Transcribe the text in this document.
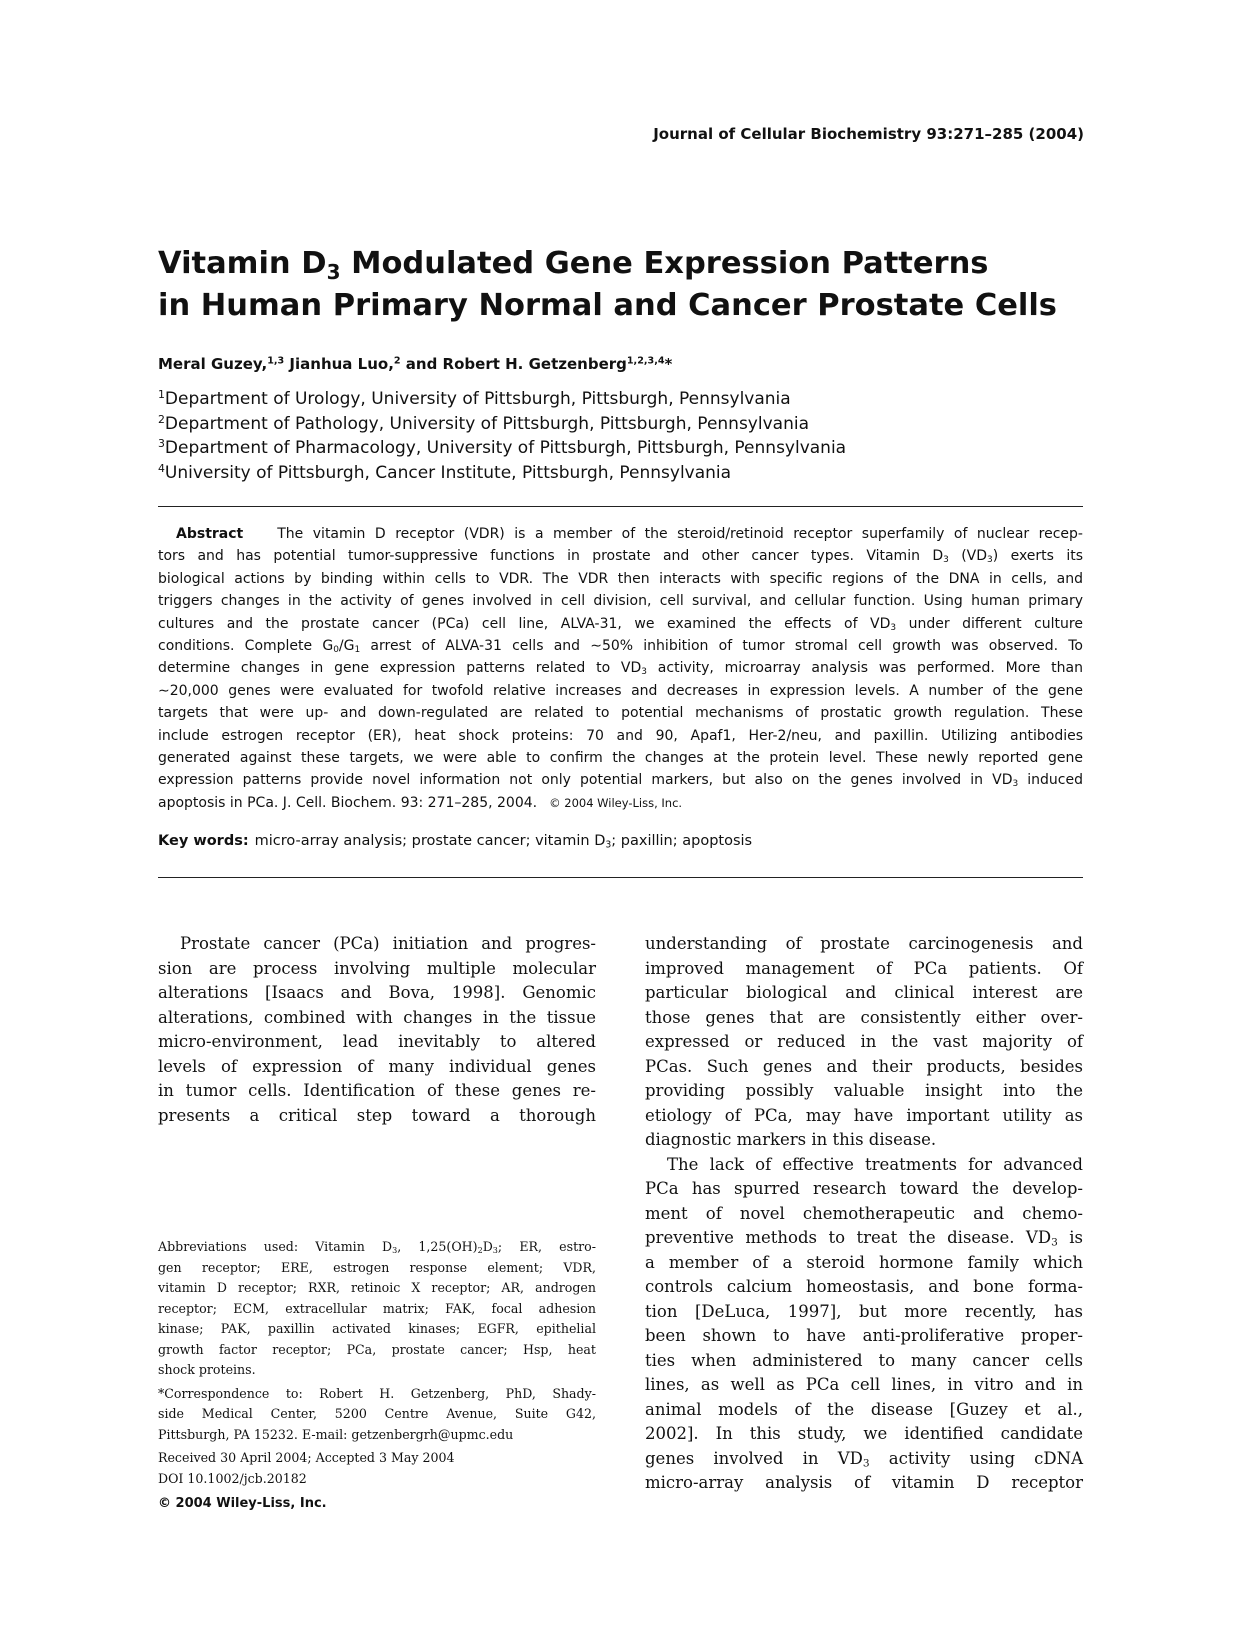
Journal of Cellular Biochemistry 93:271–285 (2004)
Vitamin D3 Modulated Gene Expression Patterns
in Human Primary Normal and Cancer Prostate Cells
Meral Guzey,$^{1,3}$ Jianhua Luo,$^2$ and Robert H. Getzenberg$^{1,2,3,4}$*
$^1$Department of Urology, University of Pittsburgh, Pittsburgh, Pennsylvania
$^2$Department of Pathology, University of Pittsburgh, Pittsburgh, Pennsylvania
$^3$Department of Pharmacology, University of Pittsburgh, Pittsburgh, Pennsylvania
$^4$University of Pittsburgh, Cancer Institute, Pittsburgh, Pennsylvania
Abstract The vitamin D receptor (VDR) is a member of the steroid/retinoid receptor superfamily of nuclear recep-
tors and has potential tumor-suppressive functions in prostate and other cancer types. Vitamin $D_3$ $(VD_3)$ exerts its
biological actions by binding within cells to VDR. The VDR then interacts with specific regions of the DNA in cells, and
triggers changes in the activity of genes involved in cell division, cell survival, and cellular function. Using human primary
cultures and the prostate cancer (PCa) cell line, ALVA-31, we examined the effects of $VD_3$ under different culture
conditions. Complete $G_0/G_1$ arrest of ALVA-31 cells and ∼50% inhibition of tumor stromal cell growth was observed. To
determine changes in gene expression patterns related to $VD_3$ activity, microarray analysis was performed. More than
∼20,000 genes were evaluated for twofold relative increases and decreases in expression levels. A number of the gene
targets that were up- and down-regulated are related to potential mechanisms of prostatic growth regulation. These
include estrogen receptor (ER), heat shock proteins: 70 and 90, Apaf1, Her-2/neu, and paxillin. Utilizing antibodies
generated against these targets, we were able to confirm the changes at the protein level. These newly reported gene
expression patterns provide novel information not only potential markers, but also on the genes involved in $VD_3$ induced
apoptosis in PCa. J. Cell. Biochem. 93: 271–285, 2004. © 2004 Wiley-Liss, Inc.
Key words: micro-array analysis; prostate cancer; vitamin $D_3$; paxillin; apoptosis
Prostate cancer (PCa) initiation and progres-
sion are process involving multiple molecular
alterations [Isaacs and Bova, 1998]. Genomic
alterations, combined with changes in the tissue
micro-environment, lead inevitably to altered
levels of expression of many individual genes
in tumor cells. Identification of these genes re-
presents a critical step toward a thorough
Abbreviations used: Vitamin $D_3$, $1,25(OH)_2D_3$; ER, estro-
gen receptor; ERE, estrogen response element; VDR,
vitamin D receptor; RXR, retinoic X receptor; AR, androgen
receptor; ECM, extracellular matrix; FAK, focal adhesion
kinase; PAK, paxillin activated kinases; EGFR, epithelial
growth factor receptor; PCa, prostate cancer; Hsp, heat
shock proteins.
*Correspondence to: Robert H. Getzenberg, PhD, Shady-
side Medical Center, 5200 Centre Avenue, Suite G42,
Pittsburgh, PA 15232. E-mail: getzenbergrh@upmc.edu
Received 30 April 2004; Accepted 3 May 2004
DOI 10.1002/jcb.20182
© 2004 Wiley-Liss, Inc.
understanding of prostate carcinogenesis and
improved management of PCa patients. Of
particular biological and clinical interest are
those genes that are consistently either over-
expressed or reduced in the vast majority of
PCas. Such genes and their products, besides
providing possibly valuable insight into the
etiology of PCa, may have important utility as
diagnostic markers in this disease.
The lack of effective treatments for advanced
PCa has spurred research toward the develop-
ment of novel chemotherapeutic and chemo-
preventive methods to treat the disease. $VD_3$ is
a member of a steroid hormone family which
controls calcium homeostasis, and bone forma-
tion [DeLuca, 1997], but more recently, has
been shown to have anti-proliferative proper-
ties when administered to many cancer cells
lines, as well as PCa cell lines, in vitro and in
animal models of the disease [Guzey et al.,
2002]. In this study, we identified candidate
genes involved in $VD_3$ activity using cDNA
micro-array analysis of vitamin D receptor
